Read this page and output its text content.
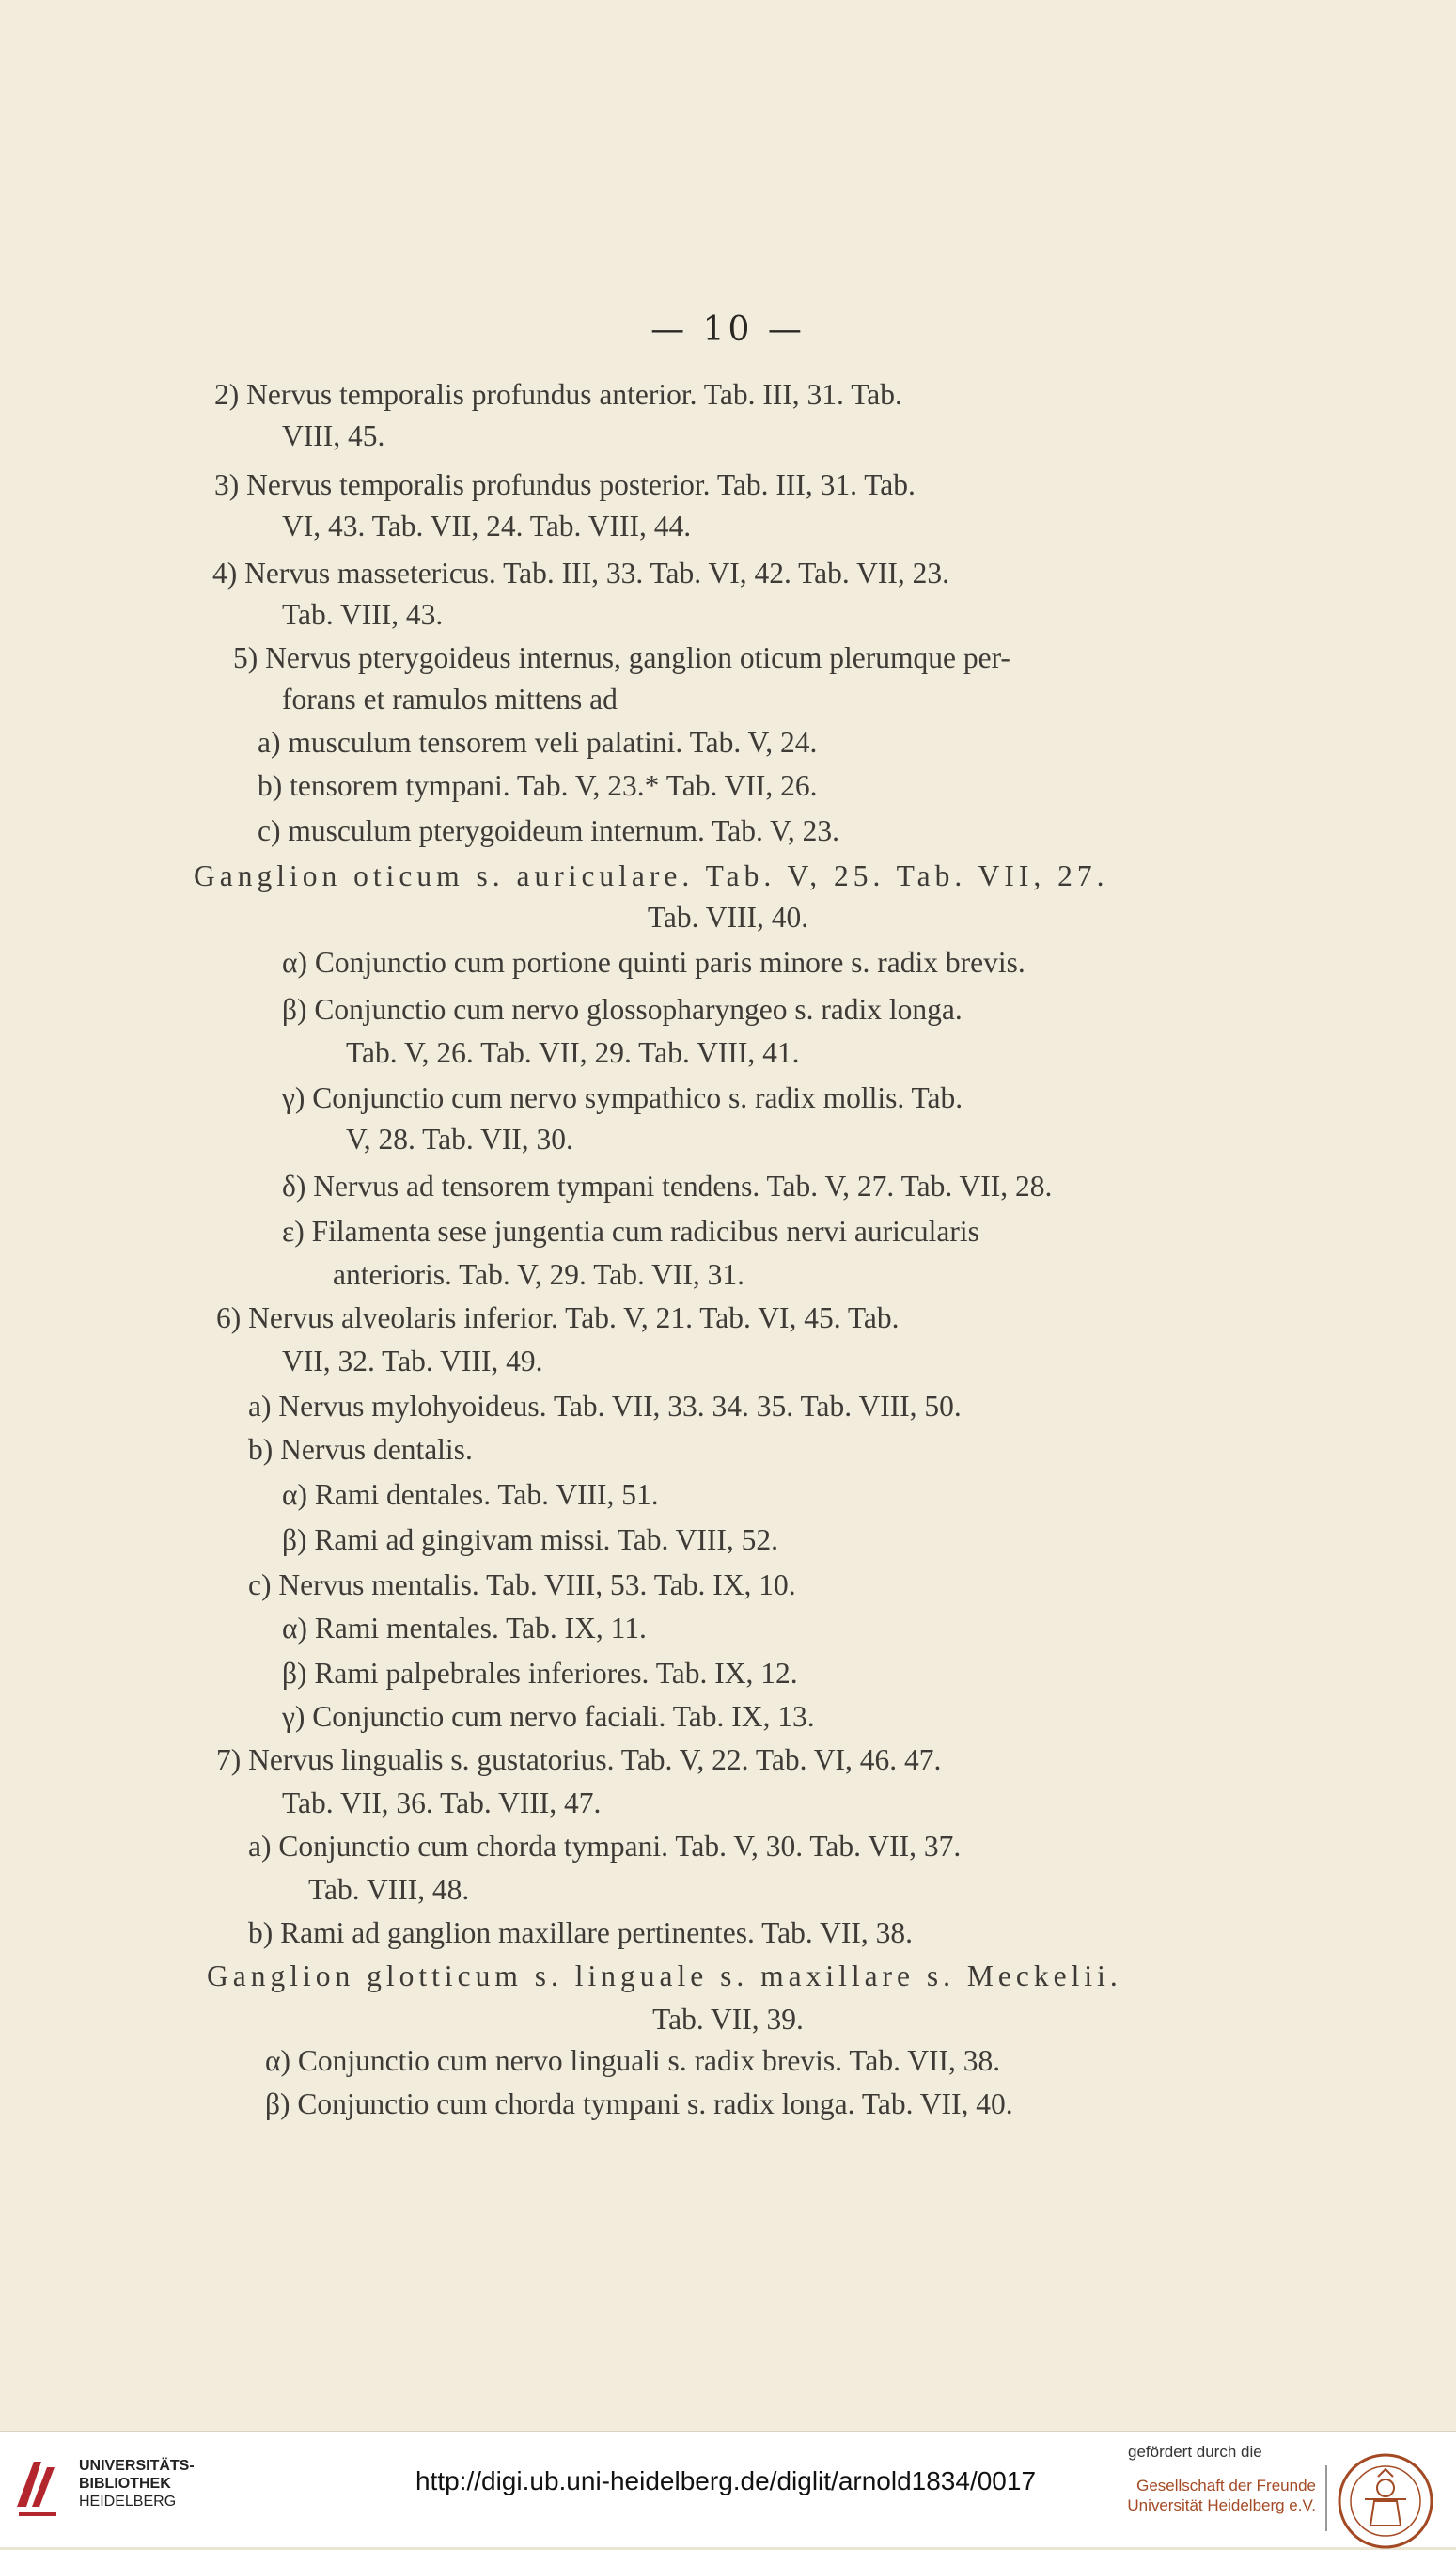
— 10 —
2) Nervus temporalis profundus anterior. Tab. III, 31. Tab.
VIII, 45.
3) Nervus temporalis profundus posterior. Tab. III, 31. Tab.
VI, 43. Tab. VII, 24. Tab. VIII, 44.
4) Nervus massetericus. Tab. III, 33. Tab. VI, 42. Tab. VII, 23.
Tab. VIII, 43.
5) Nervus pterygoideus internus, ganglion oticum plerumque per-
forans et ramulos mittens ad
a) musculum tensorem veli palatini. Tab. V, 24.
b) tensorem tympani. Tab. V, 23.* Tab. VII, 26.
c) musculum pterygoideum internum. Tab. V, 23.
Ganglion oticum s. auriculare. Tab. V, 25. Tab. VII, 27.
Tab. VIII, 40.
α) Conjunctio cum portione quinti paris minore s. radix brevis.
β) Conjunctio cum nervo glossopharyngeo s. radix longa.
Tab. V, 26. Tab. VII, 29. Tab. VIII, 41.
γ) Conjunctio cum nervo sympathico s. radix mollis. Tab.
V, 28. Tab. VII, 30.
δ) Nervus ad tensorem tympani tendens. Tab. V, 27. Tab. VII, 28.
ε) Filamenta sese jungentia cum radicibus nervi auricularis
anterioris. Tab. V, 29. Tab. VII, 31.
6) Nervus alveolaris inferior. Tab. V, 21. Tab. VI, 45. Tab.
VII, 32. Tab. VIII, 49.
a) Nervus mylohyoideus. Tab. VII, 33. 34. 35. Tab. VIII, 50.
b) Nervus dentalis.
α) Rami dentales. Tab. VIII, 51.
β) Rami ad gingivam missi. Tab. VIII, 52.
c) Nervus mentalis. Tab. VIII, 53. Tab. IX, 10.
α) Rami mentales. Tab. IX, 11.
β) Rami palpebrales inferiores. Tab. IX, 12.
γ) Conjunctio cum nervo faciali. Tab. IX, 13.
7) Nervus lingualis s. gustatorius. Tab. V, 22. Tab. VI, 46. 47.
Tab. VII, 36. Tab. VIII, 47.
a) Conjunctio cum chorda tympani. Tab. V, 30. Tab. VII, 37.
Tab. VIII, 48.
b) Rami ad ganglion maxillare pertinentes. Tab. VII, 38.
Ganglion glotticum s. linguale s. maxillare s. Meckelii.
Tab. VII, 39.
α) Conjunctio cum nervo linguali s. radix brevis. Tab. VII, 38.
β) Conjunctio cum chorda tympani s. radix longa. Tab. VII, 40.
UNIVERSITÄTS-
BIBLIOTHEK
HEIDELBERG
http://digi.ub.uni-heidelberg.de/diglit/arnold1834/0017
gefördert durch die
Gesellschaft der Freunde
Universität Heidelberg e.V.
